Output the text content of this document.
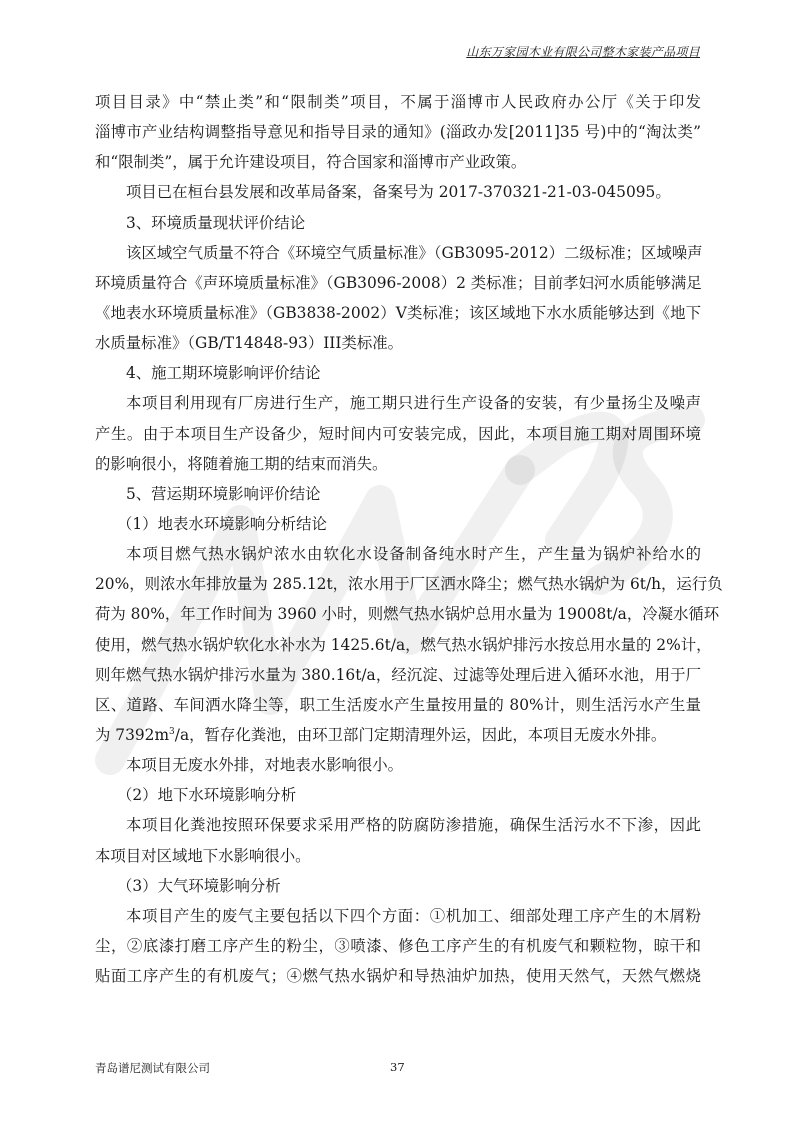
山东万家园木业有限公司整木家装产品项目
项目目录》中“禁止类”和“限制类”项目，不属于淄博市人民政府办公厅《关于印发
淄博市产业结构调整指导意见和指导目录的通知》(淄政办发[2011]35 号)中的“淘汰类”
和“限制类”，属于允许建设项目，符合国家和淄博市产业政策。
项目已在桓台县发展和改革局备案，备案号为 2017-370321-21-03-045095。
3、环境质量现状评价结论
该区域空气质量不符合《环境空气质量标准》（GB3095-2012）二级标准；区域噪声
环境质量符合《声环境质量标准》（GB3096-2008）2 类标准；目前孝妇河水质能够满足
《地表水环境质量标准》（GB3838-2002）V类标准；该区域地下水水质能够达到《地下
水质量标准》（GB/T14848-93）III类标准。
4、施工期环境影响评价结论
本项目利用现有厂房进行生产，施工期只进行生产设备的安装，有少量扬尘及噪声
产生。由于本项目生产设备少，短时间内可安装完成，因此，本项目施工期对周围环境
的影响很小，将随着施工期的结束而消失。
5、营运期环境影响评价结论
（1）地表水环境影响分析结论
本项目燃气热水锅炉浓水由软化水设备制备纯水时产生，产生量为锅炉补给水的
20%，则浓水年排放量为 285.12t，浓水用于厂区洒水降尘；燃气热水锅炉为 6t/h，运行负
荷为 80%，年工作时间为 3960 小时，则燃气热水锅炉总用水量为 19008t/a，冷凝水循环
使用，燃气热水锅炉软化水补水为 1425.6t/a，燃气热水锅炉排污水按总用水量的 2%计，
则年燃气热水锅炉排污水量为 380.16t/a，经沉淀、过滤等处理后进入循环水池，用于厂
区、道路、车间洒水降尘等，职工生活废水产生量按用量的 80%计，则生活污水产生量
为 $7392m^3/a$，暂存化粪池，由环卫部门定期清理外运，因此，本项目无废水外排。
本项目无废水外排，对地表水影响很小。
（2）地下水环境影响分析
本项目化粪池按照环保要求采用严格的防腐防渗措施，确保生活污水不下渗，因此
本项目对区域地下水影响很小。
（3）大气环境影响分析
本项目产生的废气主要包括以下四个方面：①机加工、细部处理工序产生的木屑粉
尘，②底漆打磨工序产生的粉尘，③喷漆、修色工序产生的有机废气和颗粒物，晾干和
贴面工序产生的有机废气；④燃气热水锅炉和导热油炉加热，使用天然气，天然气燃烧
青岛谱尼测试有限公司	37
